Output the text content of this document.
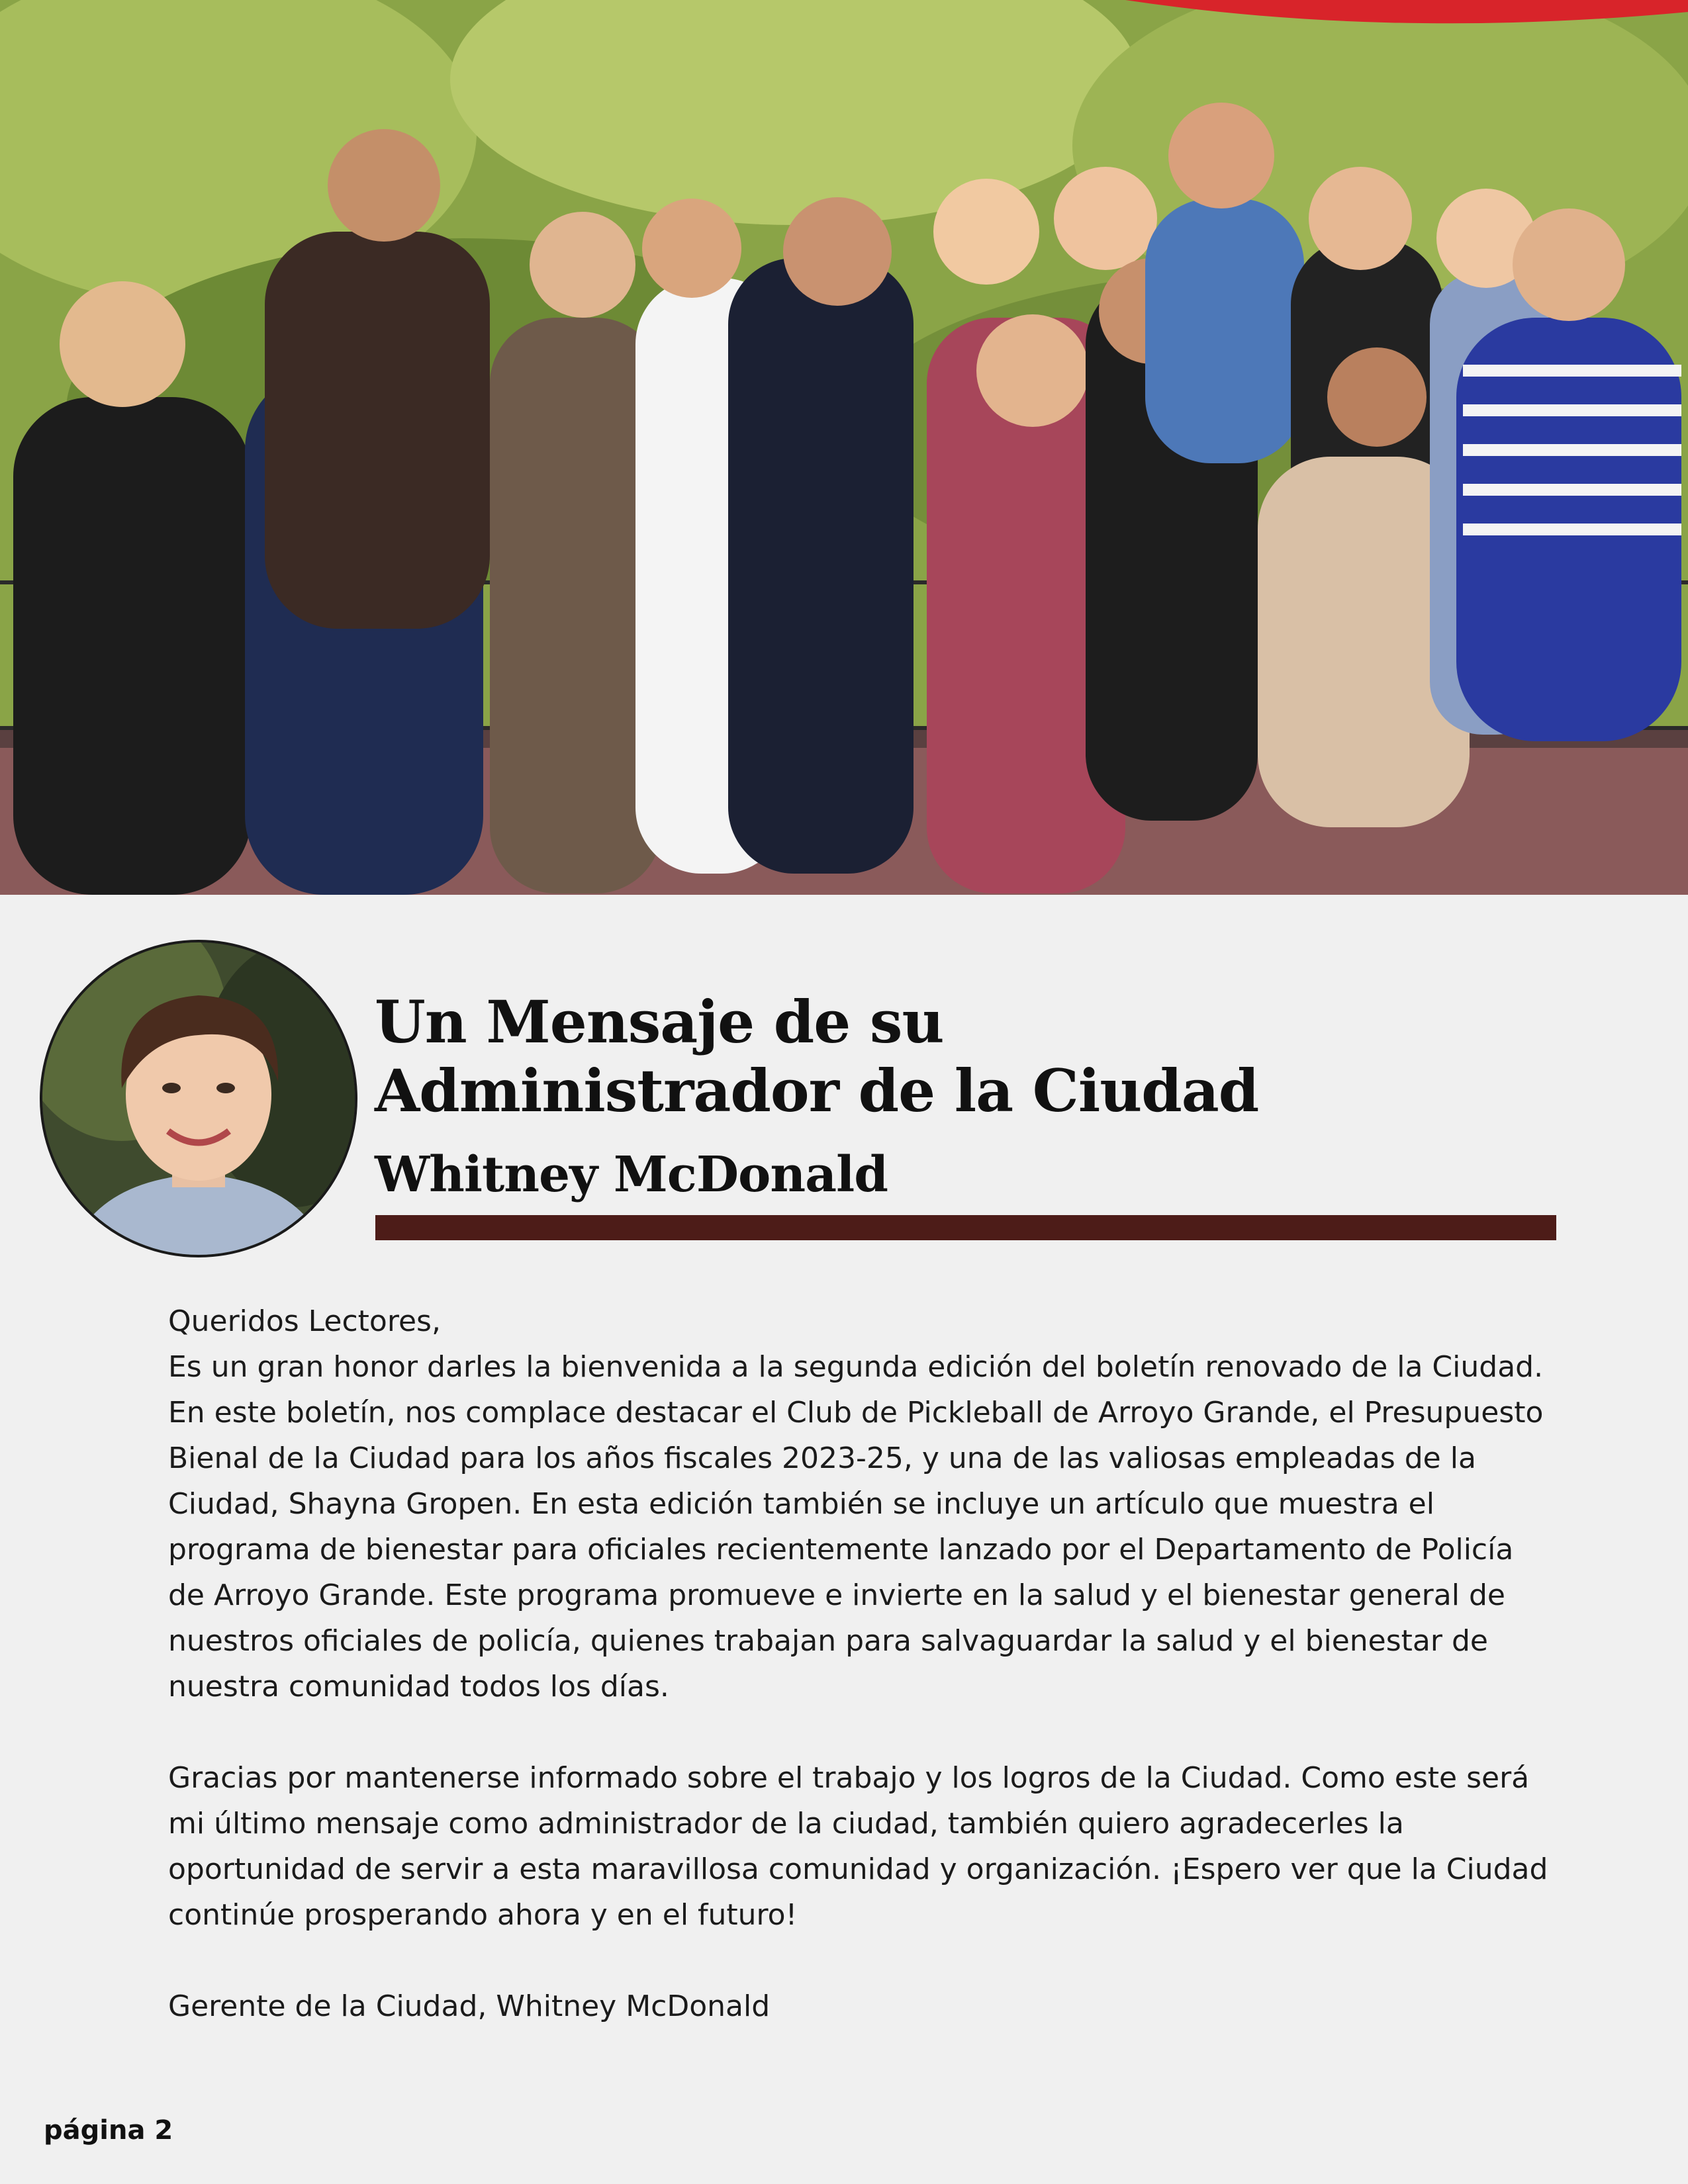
Un Mensaje de su
Administrador de la Ciudad
Whitney McDonald

Queridos Lectores,

Es un gran honor darles la bienvenida a la segunda edición del boletín renovado de la Ciudad. En este boletín, nos complace destacar el Club de Pickleball de Arroyo Grande, el Presupuesto Bienal de la Ciudad para los años fiscales 2023-25, y una de las valiosas empleadas de la Ciudad, Shayna Gropen. En esta edición también se incluye un artículo que muestra el programa de bienestar para oficiales recientemente lanzado por el Departamento de Policía de Arroyo Grande. Este programa promueve e invierte en la salud y el bienestar general de nuestros oficiales de policía, quienes trabajan para salvaguardar la salud y el bienestar de nuestra comunidad todos los días.

Gracias por mantenerse informado sobre el trabajo y los logros de la Ciudad. Como este será mi último mensaje como administrador de la ciudad, también quiero agradecerles la oportunidad de servir a esta maravillosa comunidad y organización. ¡Espero ver que la Ciudad continúe prosperando ahora y en el futuro!

Gerente de la Ciudad, Whitney McDonald

página 2
